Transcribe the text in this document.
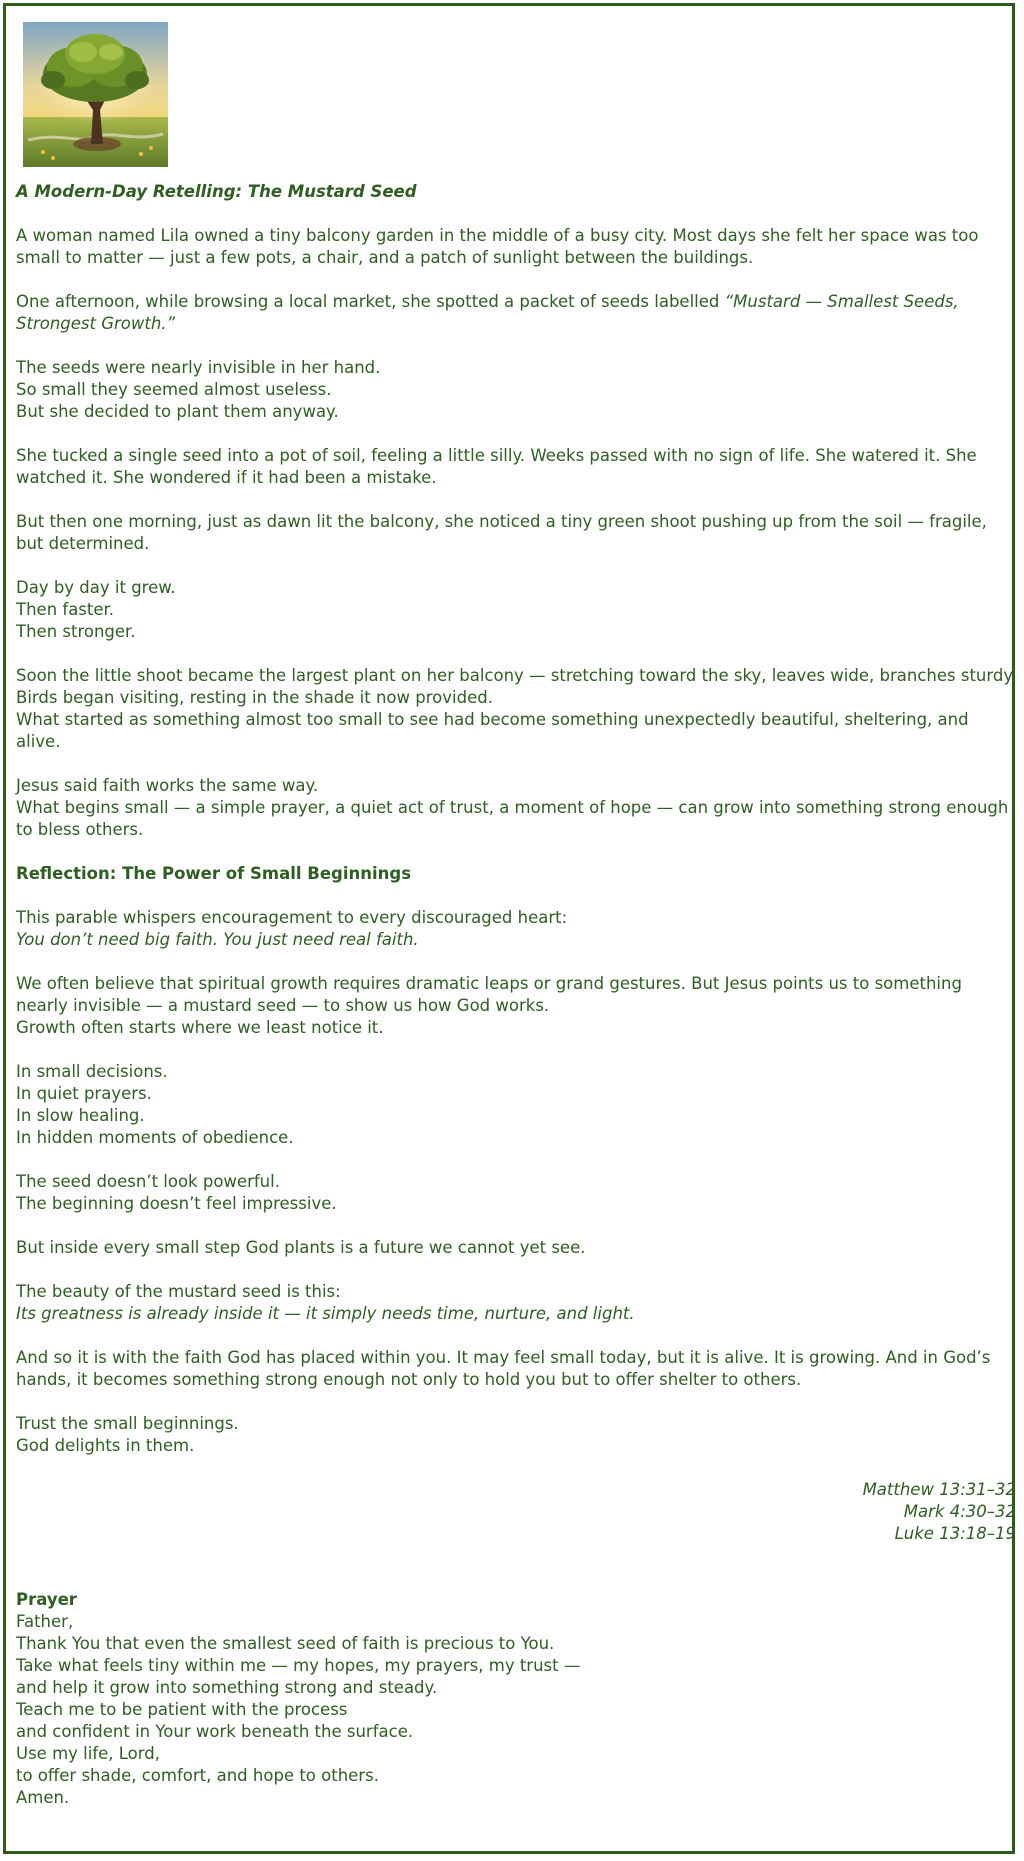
A Modern-Day Retelling: The Mustard Seed

A woman named Lila owned a tiny balcony garden in the middle of a busy city. Most days she felt her space was too small to matter — just a few pots, a chair, and a patch of sunlight between the buildings.

One afternoon, while browsing a local market, she spotted a packet of seeds labelled “Mustard — Smallest Seeds, Strongest Growth.”

The seeds were nearly invisible in her hand.
So small they seemed almost useless.
But she decided to plant them anyway.

She tucked a single seed into a pot of soil, feeling a little silly. Weeks passed with no sign of life. She watered it. She watched it. She wondered if it had been a mistake.

But then one morning, just as dawn lit the balcony, she noticed a tiny green shoot pushing up from the soil — fragile, but determined.

Day by day it grew.
Then faster.
Then stronger.

Soon the little shoot became the largest plant on her balcony — stretching toward the sky, leaves wide, branches sturdy. Birds began visiting, resting in the shade it now provided.
What started as something almost too small to see had become something unexpectedly beautiful, sheltering, and alive.

Jesus said faith works the same way.
What begins small — a simple prayer, a quiet act of trust, a moment of hope — can grow into something strong enough to bless others.

Reflection: The Power of Small Beginnings

This parable whispers encouragement to every discouraged heart:
You don’t need big faith. You just need real faith.

We often believe that spiritual growth requires dramatic leaps or grand gestures. But Jesus points us to something nearly invisible — a mustard seed — to show us how God works.
Growth often starts where we least notice it.

In small decisions.
In quiet prayers.
In slow healing.
In hidden moments of obedience.

The seed doesn’t look powerful.
The beginning doesn’t feel impressive.

But inside every small step God plants is a future we cannot yet see.

The beauty of the mustard seed is this:
Its greatness is already inside it — it simply needs time, nurture, and light.

And so it is with the faith God has placed within you. It may feel small today, but it is alive. It is growing. And in God’s hands, it becomes something strong enough not only to hold you but to offer shelter to others.

Trust the small beginnings.
God delights in them.

Matthew 13:31–32
Mark 4:30–32
Luke 13:18–19

Prayer
Father,
Thank You that even the smallest seed of faith is precious to You.
Take what feels tiny within me — my hopes, my prayers, my trust —
and help it grow into something strong and steady.
Teach me to be patient with the process
and confident in Your work beneath the surface.
Use my life, Lord,
to offer shade, comfort, and hope to others.
Amen.
